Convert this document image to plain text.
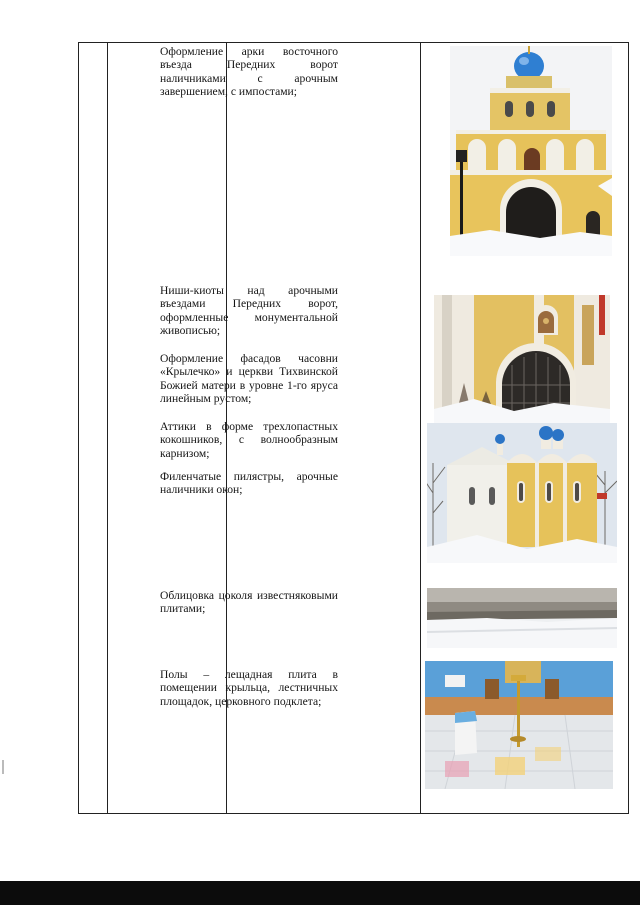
Оформление арки восточного въезда Передних ворот наличниками с арочным завершением, с импостами;
Ниши-киоты над арочными въездами Передних ворот, оформленные монументальной живописью;
Оформление фасадов часовни «Крылечко» и церкви Тихвинской Божией матери в уровне 1-го яруса линейным рустом;
Аттики в форме трехлопастных кокошников, с волнообразным карнизом;
Филенчатые пилястры, арочные наличники окон;
Облицовка цоколя известняковыми плитами;
Полы – лещадная плита в помещении крыльца, лестничных площадок, церковного подклета;
